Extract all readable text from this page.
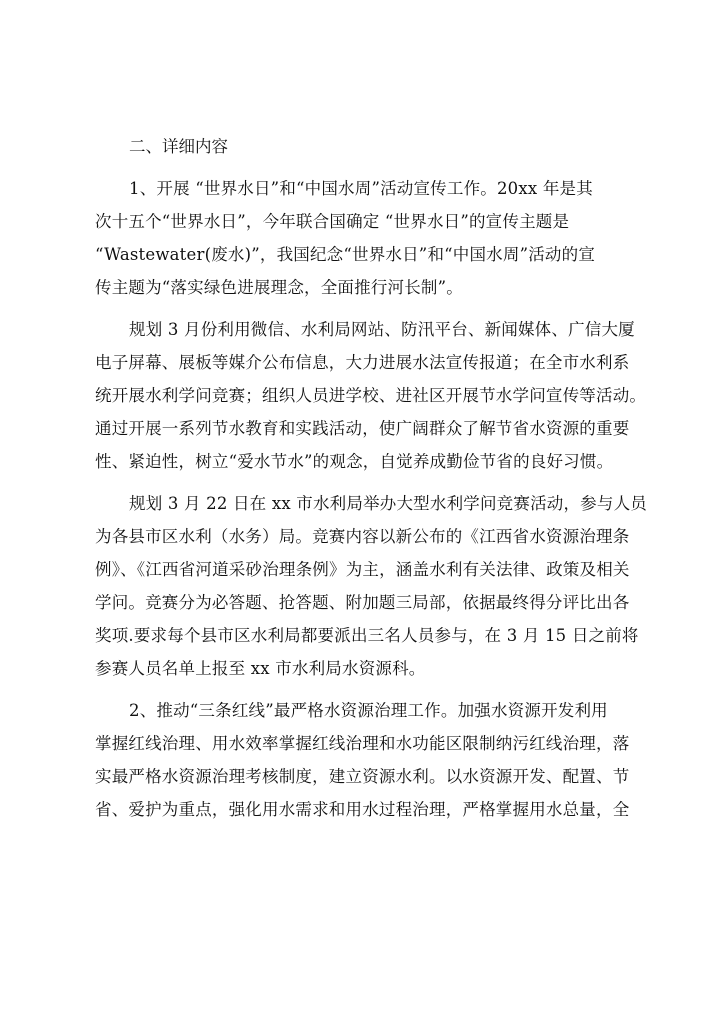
二、详细内容
1、开展 “世界水日”和“中国水周”活动宣传工作。20xx 年是其
次十五个“世界水日”，今年联合国确定 “世界水日”的宣传主题是
“Wastewater(废水)”，我国纪念“世界水日”和“中国水周”活动的宣
传主题为“落实绿色进展理念，全面推行河长制”。
规划 3 月份利用微信、水利局网站、防汛平台、新闻媒体、广信大厦
电子屏幕、展板等媒介公布信息，大力进展水法宣传报道；在全市水利系
统开展水利学问竞赛；组织人员进学校、进社区开展节水学问宣传等活动。
通过开展一系列节水教育和实践活动，使广阔群众了解节省水资源的重要
性、紧迫性，树立“爱水节水”的观念，自觉养成勤俭节省的良好习惯。
规划 3 月 22 日在 xx 市水利局举办大型水利学问竞赛活动，参与人员
为各县市区水利（水务）局。竞赛内容以新公布的《江西省水资源治理条
例》、《江西省河道采砂治理条例》为主，涵盖水利有关法律、政策及相关
学问。竞赛分为必答题、抢答题、附加题三局部，依据最终得分评比出各
奖项.要求每个县市区水利局都要派出三名人员参与，在 3 月 15 日之前将
参赛人员名单上报至 xx 市水利局水资源科。
2、推动“三条红线”最严格水资源治理工作。加强水资源开发利用
掌握红线治理、用水效率掌握红线治理和水功能区限制纳污红线治理，落
实最严格水资源治理考核制度，建立资源水利。以水资源开发、配置、节
省、爱护为重点，强化用水需求和用水过程治理，严格掌握用水总量，全
